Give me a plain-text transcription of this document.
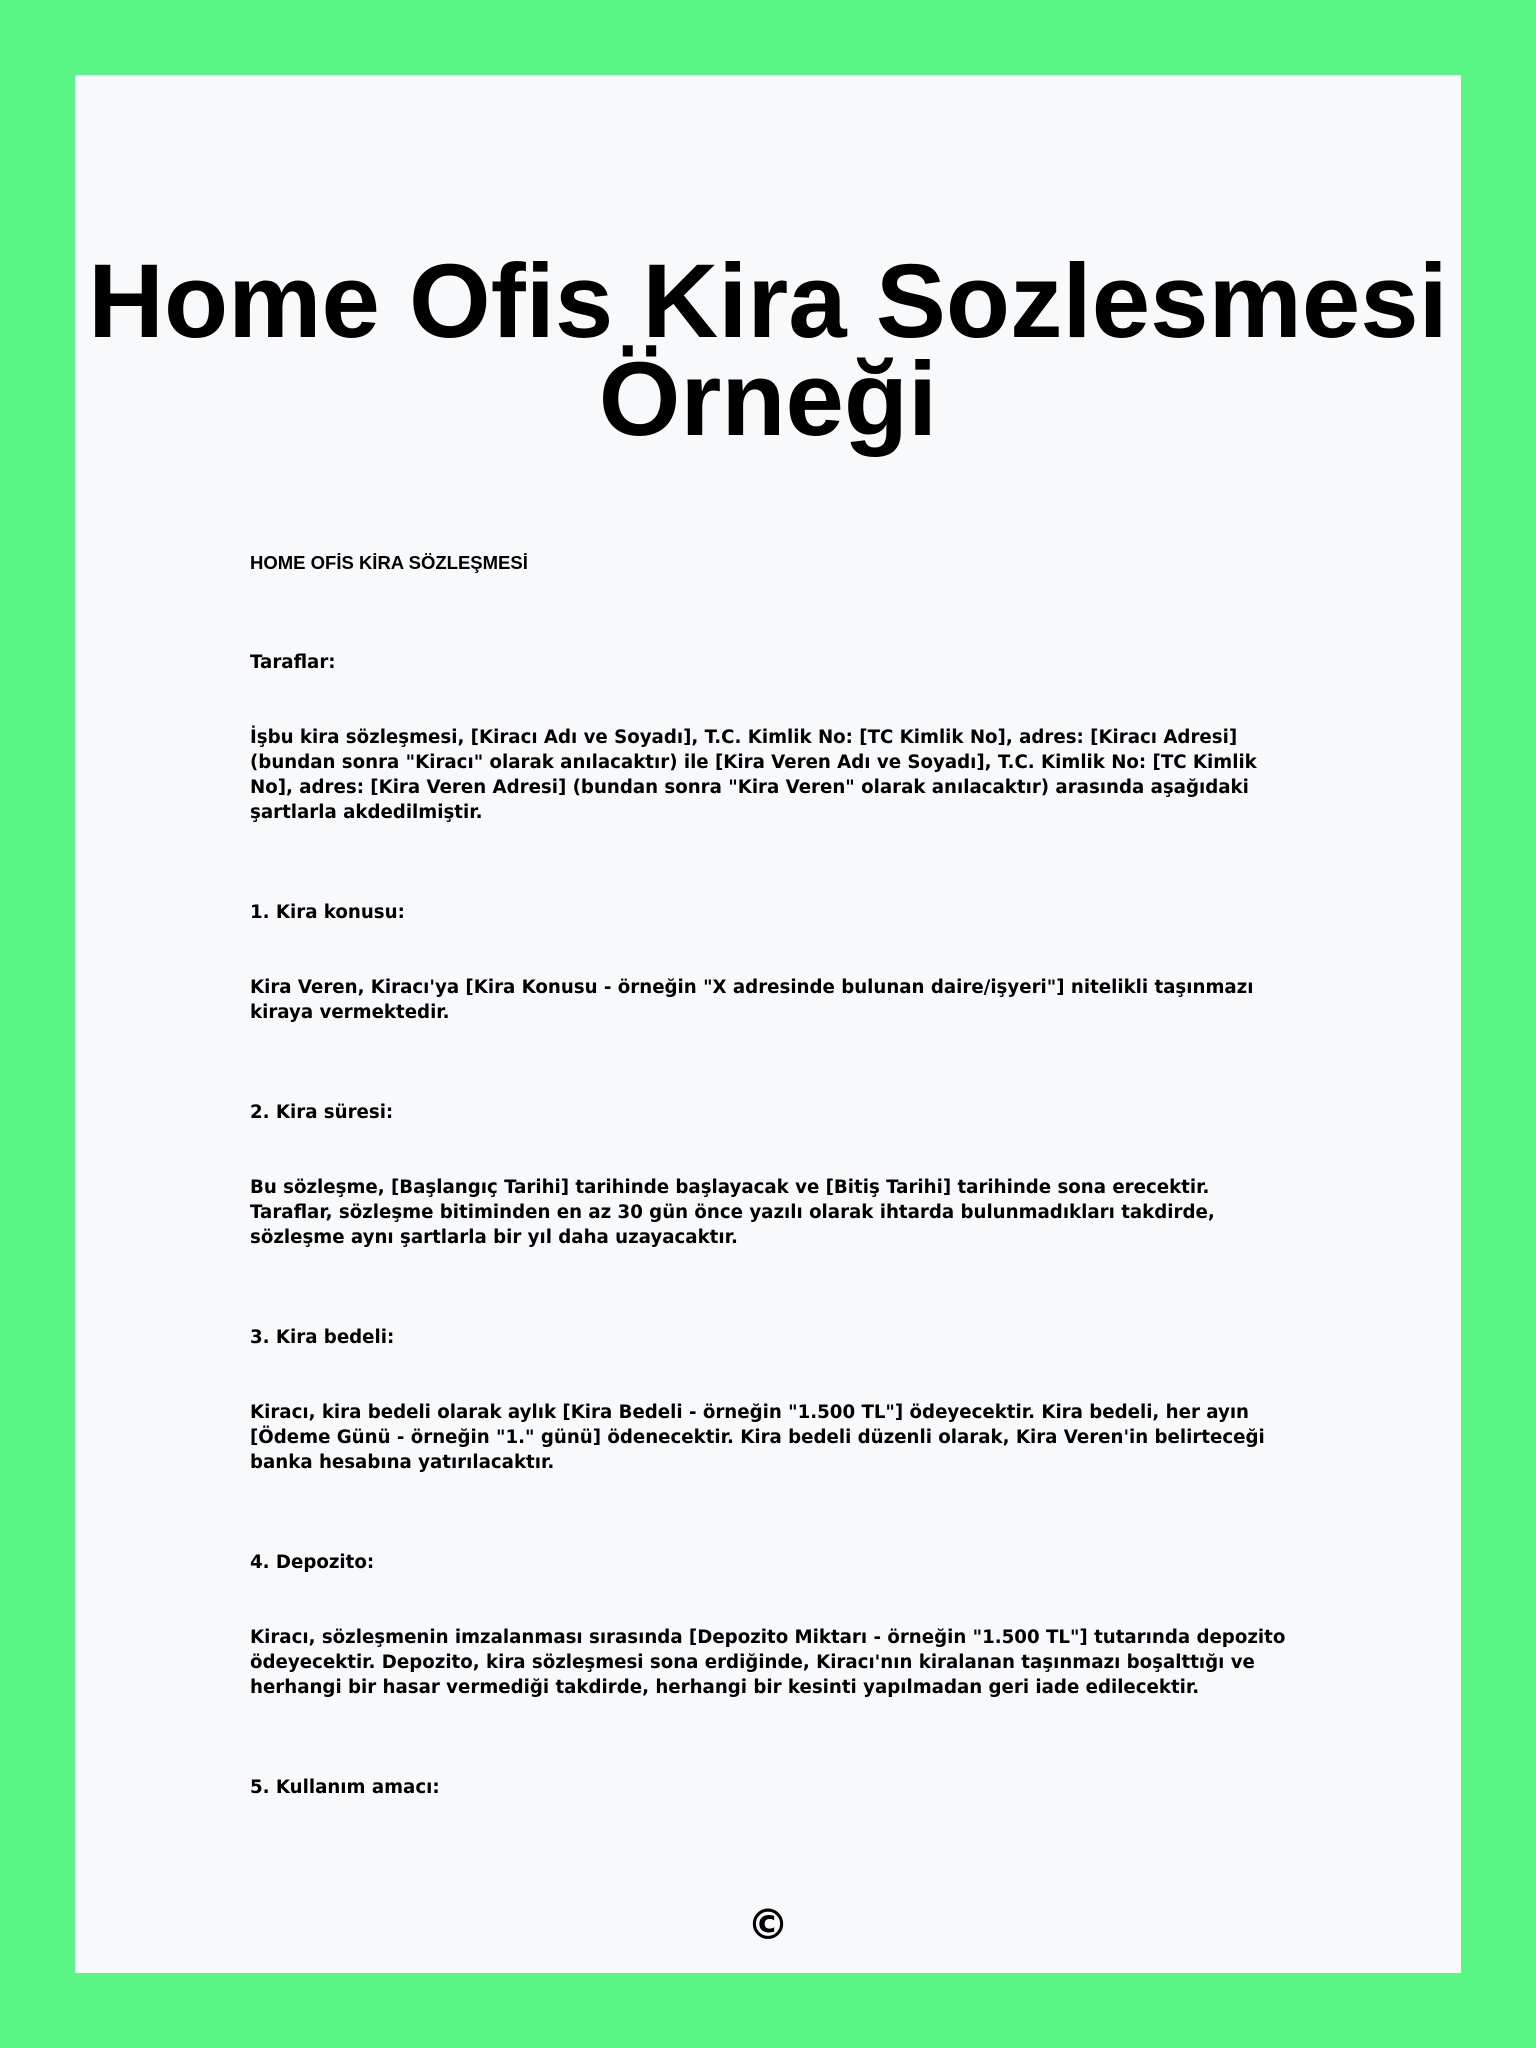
Home Ofis Kira Sozlesmesi Örneği

HOME OFİS KİRA SÖZLEŞMESİ

Taraflar:

İşbu kira sözleşmesi, [Kiracı Adı ve Soyadı], T.C. Kimlik No: [TC Kimlik No], adres: [Kiracı Adresi] (bundan sonra "Kiracı" olarak anılacaktır) ile [Kira Veren Adı ve Soyadı], T.C. Kimlik No: [TC Kimlik No], adres: [Kira Veren Adresi] (bundan sonra "Kira Veren" olarak anılacaktır) arasında aşağıdaki şartlarla akdedilmiştir.

1. Kira konusu:

Kira Veren, Kiracı'ya [Kira Konusu - örneğin "X adresinde bulunan daire/işyeri"] nitelikli taşınmazı kiraya vermektedir.

2. Kira süresi:

Bu sözleşme, [Başlangıç Tarihi] tarihinde başlayacak ve [Bitiş Tarihi] tarihinde sona erecektir. Taraflar, sözleşme bitiminden en az 30 gün önce yazılı olarak ihtarda bulunmadıkları takdirde, sözleşme aynı şartlarla bir yıl daha uzayacaktır.

3. Kira bedeli:

Kiracı, kira bedeli olarak aylık [Kira Bedeli - örneğin "1.500 TL"] ödeyecektir. Kira bedeli, her ayın [Ödeme Günü - örneğin "1." günü] ödenecektir. Kira bedeli düzenli olarak, Kira Veren'in belirteceği banka hesabına yatırılacaktır.

4. Depozito:

Kiracı, sözleşmenin imzalanması sırasında [Depozito Miktarı - örneğin "1.500 TL"] tutarında depozito ödeyecektir. Depozito, kira sözleşmesi sona erdiğinde, Kiracı'nın kiralanan taşınmazı boşalttığı ve herhangi bir hasar vermediği takdirde, herhangi bir kesinti yapılmadan geri iade edilecektir.

5. Kullanım amacı:

©
